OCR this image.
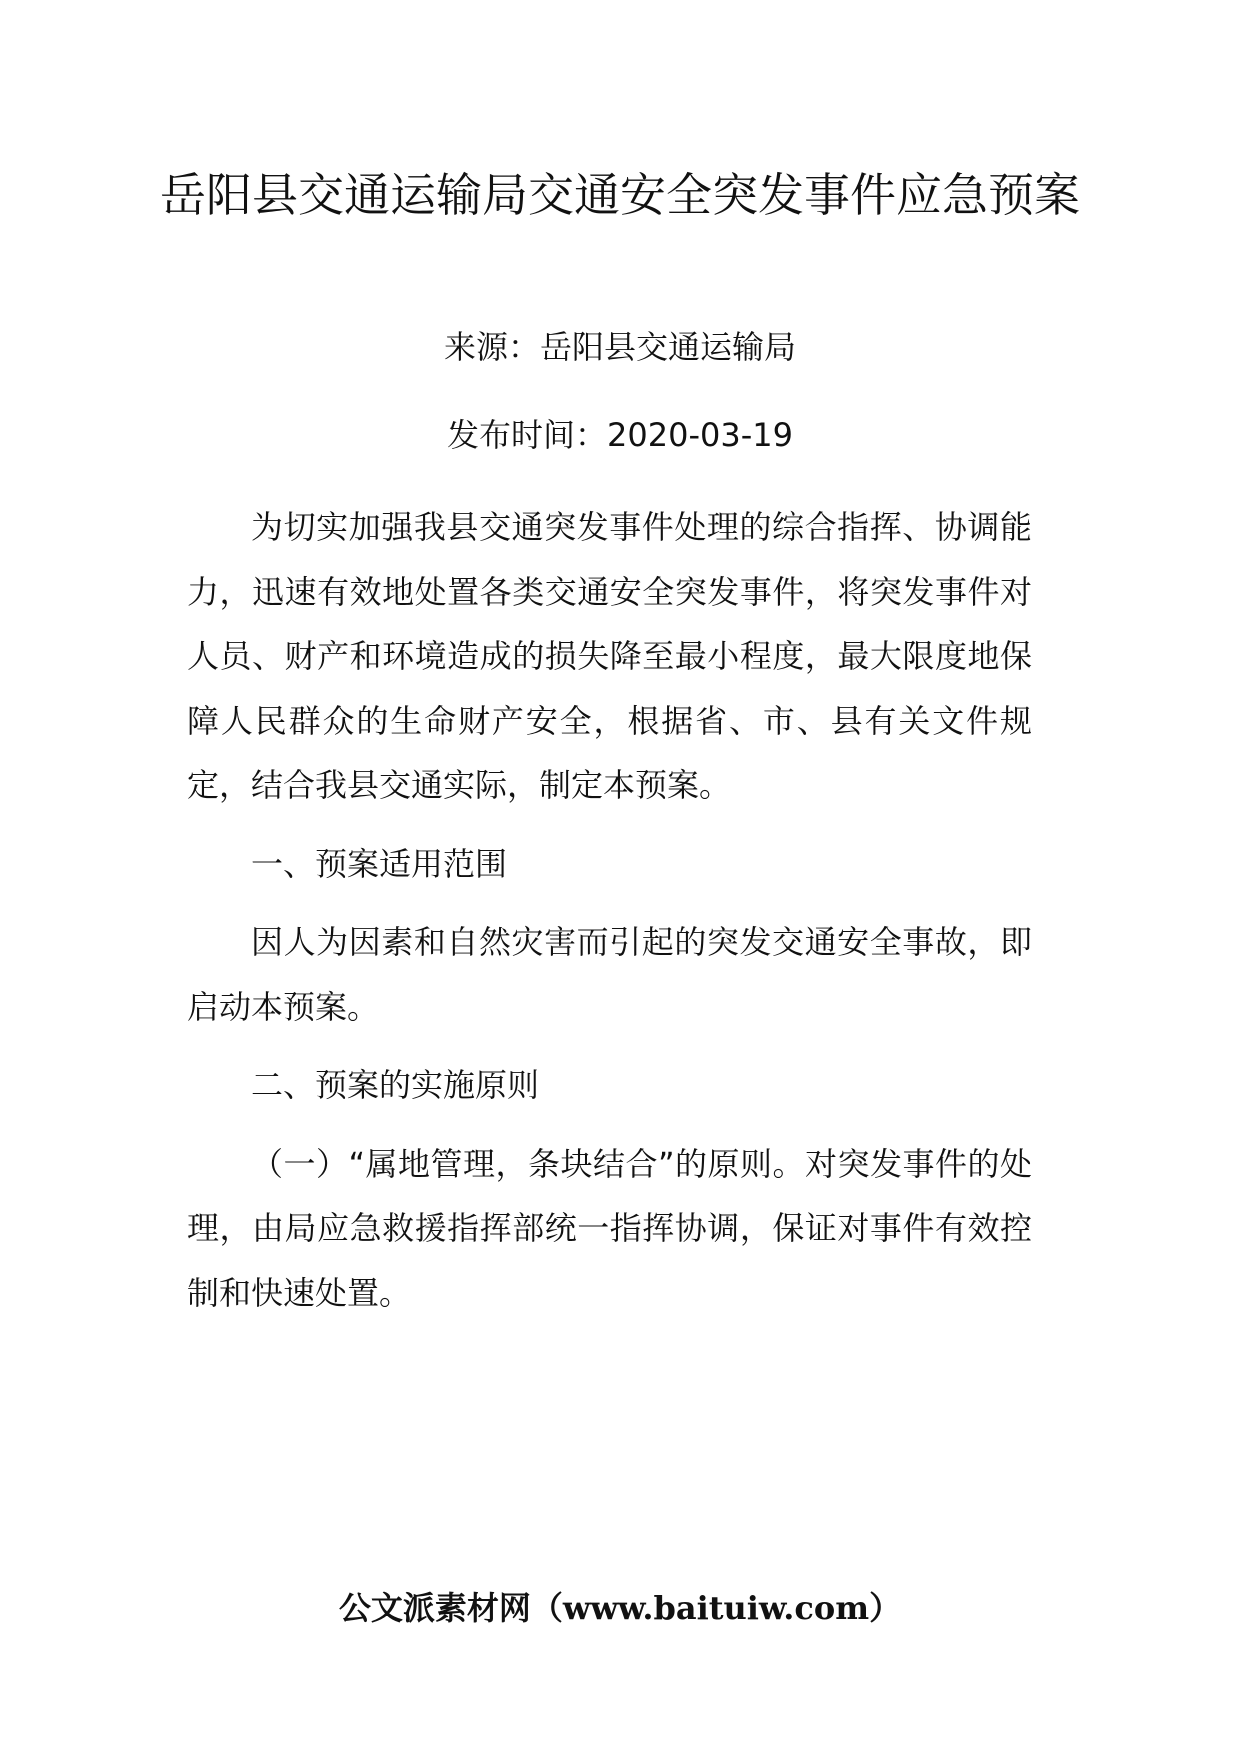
岳阳县交通运输局交通安全突发事件应急预案

来源：岳阳县交通运输局

发布时间：2020-03-19

为切实加强我县交通突发事件处理的综合指挥、协调能力，迅速有效地处置各类交通安全突发事件，将突发事件对人员、财产和环境造成的损失降至最小程度，最大限度地保障人民群众的生命财产安全，根据省、市、县有关文件规定，结合我县交通实际，制定本预案。

一、预案适用范围

因人为因素和自然灾害而引起的突发交通安全事故，即启动本预案。

二、预案的实施原则

（一）“属地管理，条块结合”的原则。对突发事件的处理，由局应急救援指挥部统一指挥协调，保证对事件有效控制和快速处置。

公文派素材网（www.baituiw.com）
